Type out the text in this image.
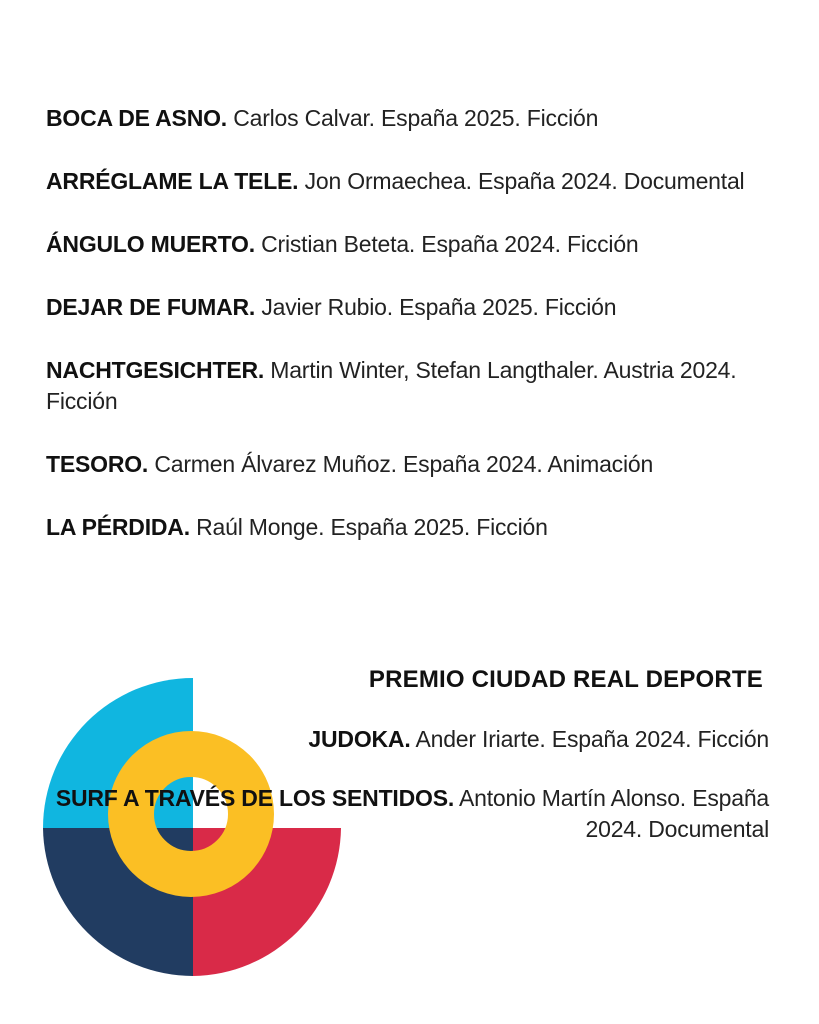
BOCA DE ASNO. Carlos Calvar. España 2025. Ficción
ARRÉGLAME LA TELE. Jon Ormaechea. España 2024. Documental
ÁNGULO MUERTO. Cristian Beteta. España 2024. Ficción
DEJAR DE FUMAR. Javier Rubio. España 2025. Ficción
NACHTGESICHTER. Martin Winter, Stefan Langthaler. Austria 2024. Ficción
TESORO. Carmen Álvarez Muñoz. España 2024. Animación
LA PÉRDIDA. Raúl Monge. España 2025. Ficción
PREMIO CIUDAD REAL DEPORTE
JUDOKA. Ander Iriarte. España 2024. Ficción
SURF A TRAVÉS DE LOS SENTIDOS. Antonio Martín Alonso. España 2024. Documental
